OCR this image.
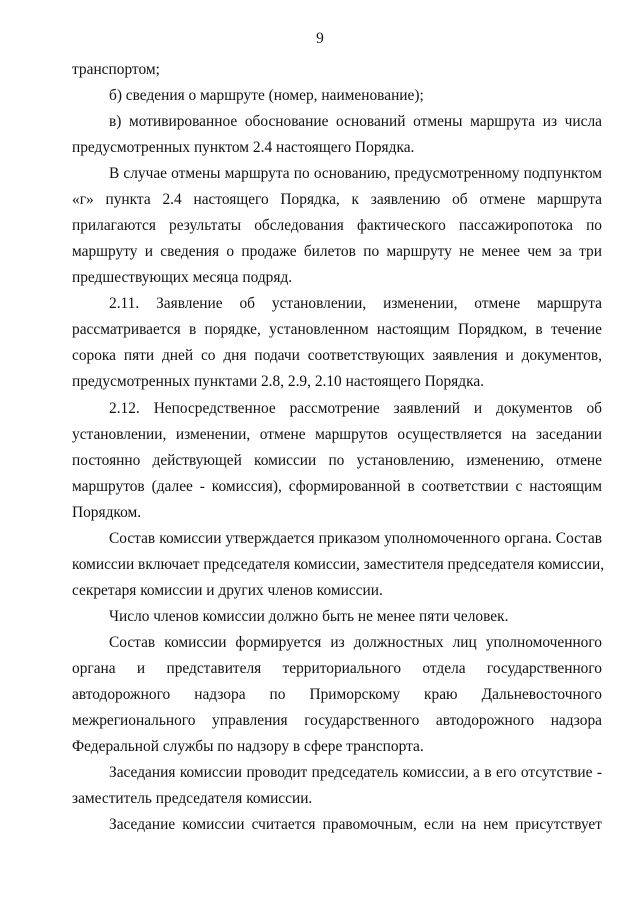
9
транспортом;
б) сведения о маршруте (номер, наименование);
в) мотивированное обоснование оснований отмены маршрута из числа
предусмотренных пунктом 2.4 настоящего Порядка.
В случае отмены маршрута по основанию, предусмотренному подпунктом
«г» пункта 2.4 настоящего Порядка, к заявлению об отмене маршрута
прилагаются результаты обследования фактического пассажиропотока по
маршруту и сведения о продаже билетов по маршруту не менее чем за три
предшествующих месяца подряд.
2.11. Заявление об установлении, изменении, отмене маршрута
рассматривается в порядке, установленном настоящим Порядком, в течение
сорока пяти дней со дня подачи соответствующих заявления и документов,
предусмотренных пунктами 2.8, 2.9, 2.10 настоящего Порядка.
2.12. Непосредственное рассмотрение заявлений и документов об
установлении, изменении, отмене маршрутов осуществляется на заседании
постоянно действующей комиссии по установлению, изменению, отмене
маршрутов (далее - комиссия), сформированной в соответствии с настоящим
Порядком.
Состав комиссии утверждается приказом уполномоченного органа. Состав
комиссии включает председателя комиссии, заместителя председателя комиссии,
секретаря комиссии и других членов комиссии.
Число членов комиссии должно быть не менее пяти человек.
Состав комиссии формируется из должностных лиц уполномоченного
органа и представителя территориального отдела государственного
автодорожного надзора по Приморскому краю Дальневосточного
межрегионального управления государственного автодорожного надзора
Федеральной службы по надзору в сфере транспорта.
Заседания комиссии проводит председатель комиссии, а в его отсутствие -
заместитель председателя комиссии.
Заседание комиссии считается правомочным, если на нем присутствует
